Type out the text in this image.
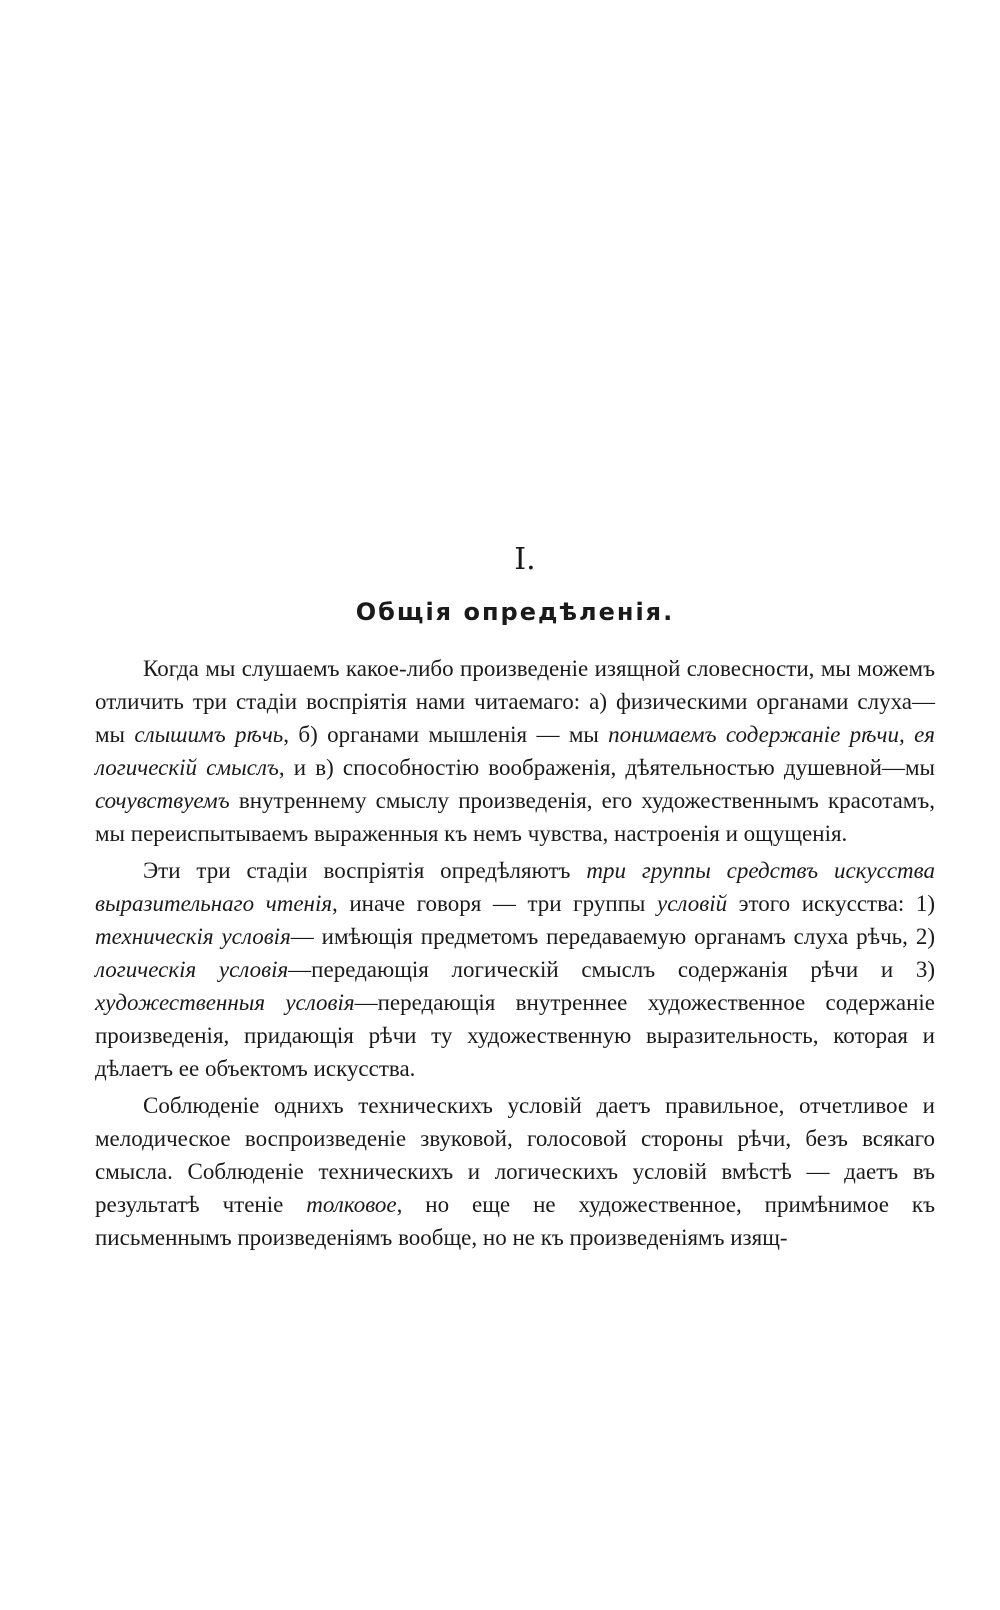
I.
Общія опредѣленія.

Когда мы слушаемъ какое-либо произведеніе изящной словесности, мы можемъ отличить три стадіи воспріятія нами читаемаго: а) физическими органами слуха—мы слышимъ рѣчь, б) органами мышленія — мы понимаемъ содержаніе рѣчи, ея логическій смыслъ, и в) способностію воображенія, дѣятельностью душевной—мы сочувствуемъ внутреннему смыслу произведенія, его художественнымъ красотамъ, мы переиспытываемъ выраженныя къ немъ чувства, настроенія и ощущенія.

Эти три стадіи воспріятія опредѣляютъ три группы средствъ искусства выразительнаго чтенія, иначе говоря — три группы условій этого искусства: 1) техническія условія— имѣющія предметомъ передаваемую органамъ слуха рѣчь, 2) логическія условія—передающія логическій смыслъ содержанія рѣчи и 3) художественныя условія—передающія внутреннее художественное содержаніе произведенія, придающія рѣчи ту художественную выразительность, которая и дѣлаетъ ее объектомъ искусства.

Соблюденіе однихъ техническихъ условій даетъ правильное, отчетливое и мелодическое воспроизведеніе звуковой, голосовой стороны рѣчи, безъ всякаго смысла. Соблюденіе техническихъ и логическихъ условій вмѣстѣ — даетъ въ результатѣ чтеніе толковое, но еще не художественное, примѣнимое къ письменнымъ произведеніямъ вообще, но не къ произведеніямъ изящ-
